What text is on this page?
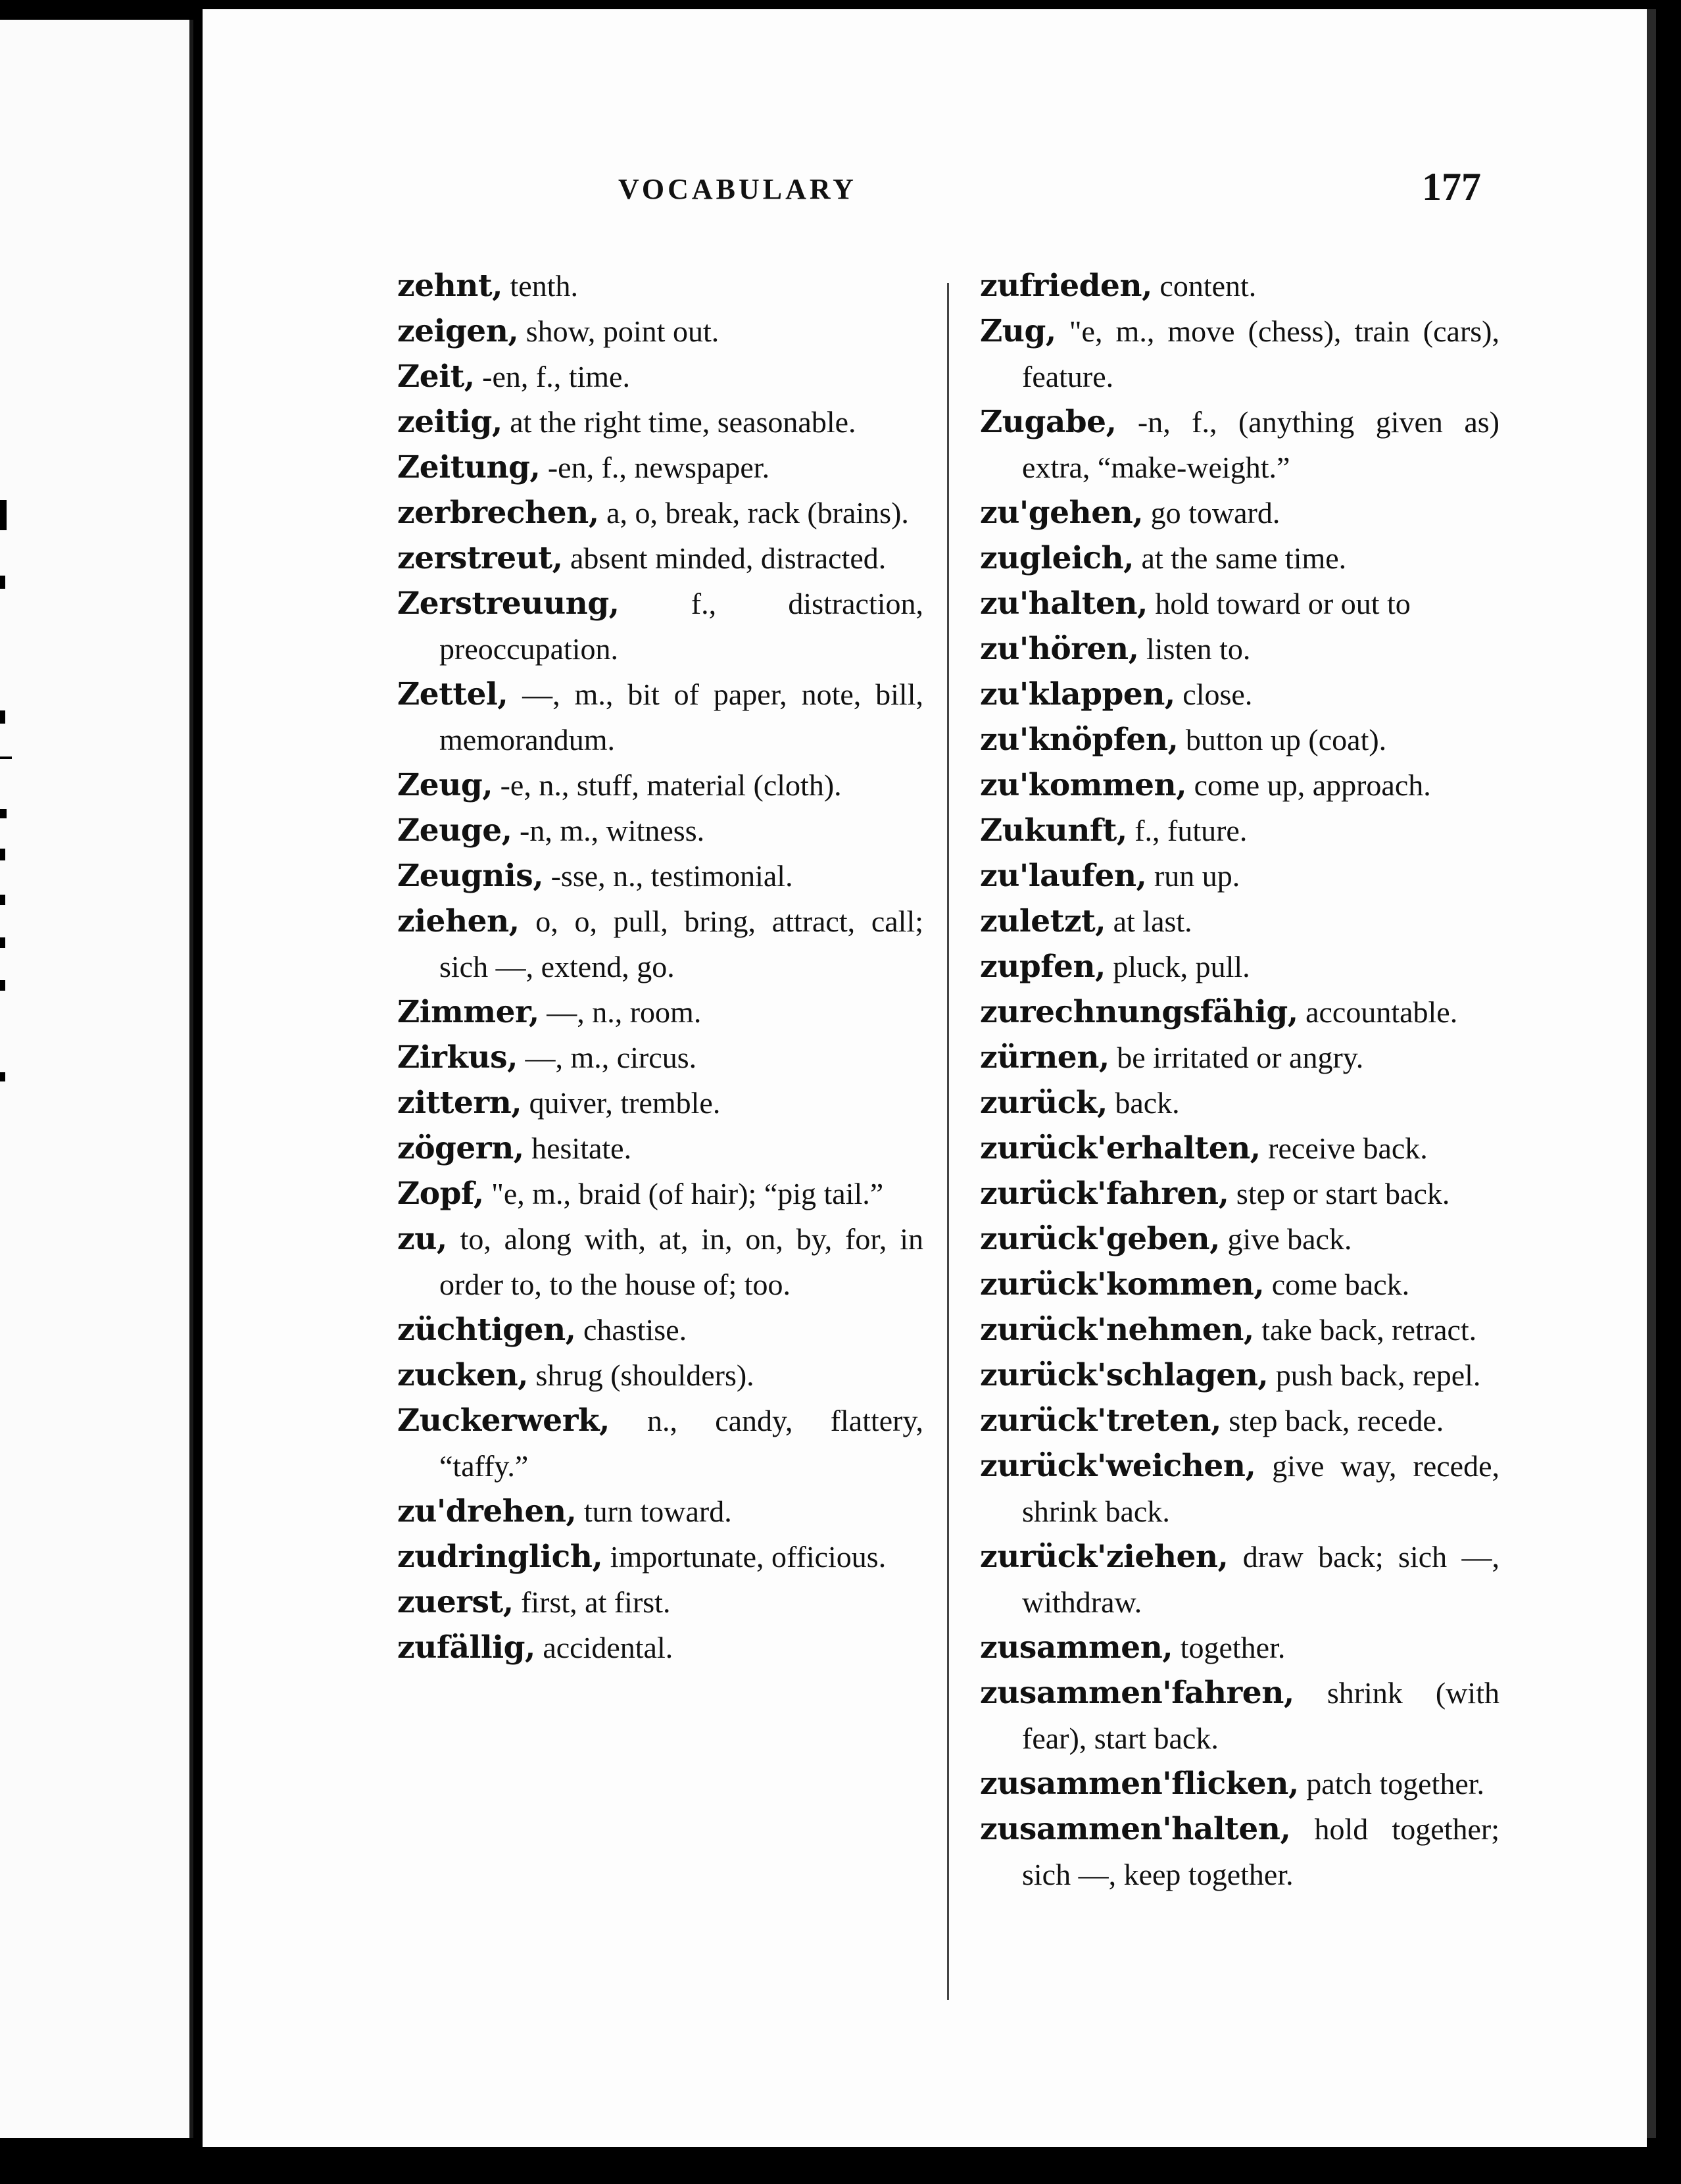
VOCABULARY	177

zehnt, tenth.

zeigen, show, point out.

Zeit, -en, f., time.

zeitig, at the right time, seasonable.

Zeitung, -en, f., newspaper.

zerbrechen, a, o, break, rack (brains).

zerstreut, absent minded, distracted.

Zerstreuung, f., distraction, preoccupation.

Zettel, —, m., bit of paper, note, bill, memorandum.

Zeug, -e, n., stuff, material (cloth).

Zeuge, -n, m., witness.

Zeugnis, -sse, n., testimonial.

ziehen, o, o, pull, bring, attract, call; sich —, extend, go.

Zimmer, —, n., room.

Zirkus, —, m., circus.

zittern, quiver, tremble.

zögern, hesitate.

Zopf, "e, m., braid (of hair); “pig tail.”

zu, to, along with, at, in, on, by, for, in order to, to the house of; too.

züchtigen, chastise.

zucken, shrug (shoulders).

Zuckerwerk, n., candy, flattery, “taffy.”

zu'drehen, turn toward.

zudringlich, importunate, officious.

zuerst, first, at first.

zufällig, accidental.

zufrieden, content.

Zug, "e, m., move (chess), train (cars), feature.

Zugabe, -n, f., (anything given as) extra, “make-weight.”

zu'gehen, go toward.

zugleich, at the same time.

zu'halten, hold toward or out to

zu'hören, listen to.

zu'klappen, close.

zu'knöpfen, button up (coat).

zu'kommen, come up, approach.

Zukunft, f., future.

zu'laufen, run up.

zuletzt, at last.

zupfen, pluck, pull.

zurechnungsfähig, accountable.

zürnen, be irritated or angry.

zurück, back.

zurück'erhalten, receive back.

zurück'fahren, step or start back.

zurück'geben, give back.

zurück'kommen, come back.

zurück'nehmen, take back, retract.

zurück'schlagen, push back, repel.

zurück'treten, step back, recede.

zurück'weichen, give way, recede, shrink back.

zurück'ziehen, draw back; sich —, withdraw.

zusammen, together.

zusammen'fahren, shrink (with fear), start back.

zusammen'flicken, patch together.

zusammen'halten, hold together; sich —, keep together.
